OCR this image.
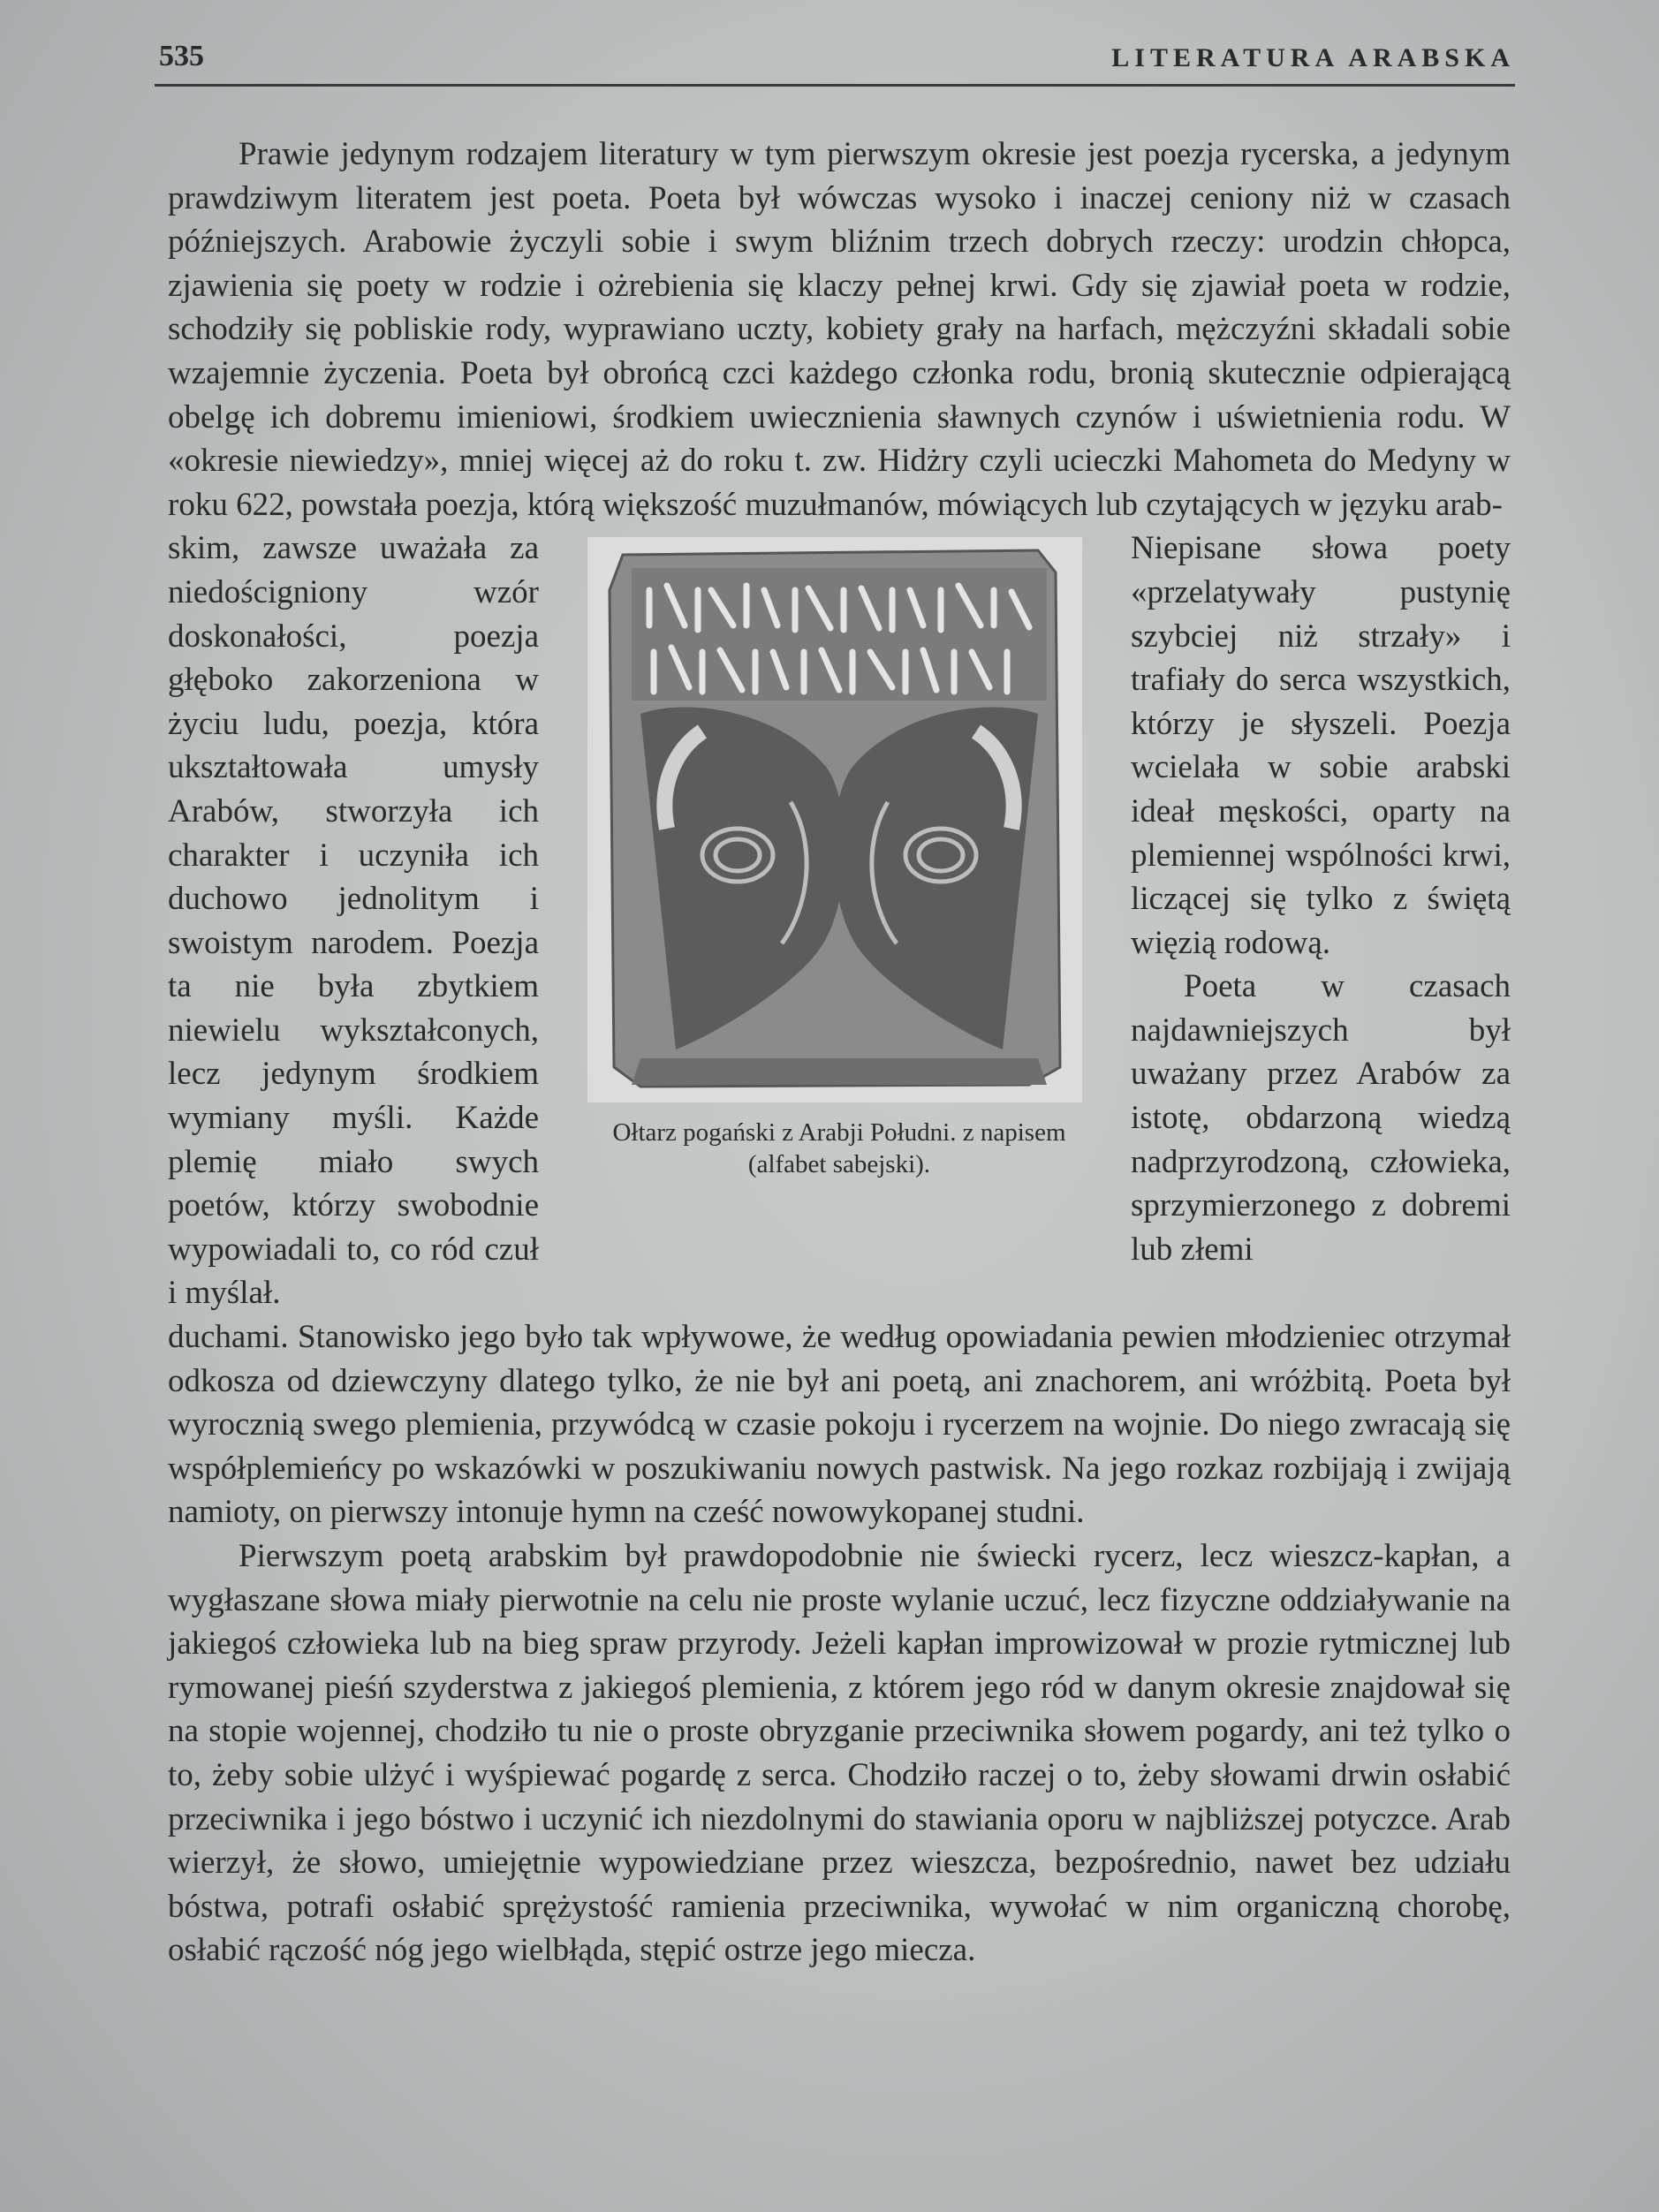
535	LITERATURA ARABSKA

Prawie jedynym rodzajem literatury w tym pierwszym okresie jest poezja rycerska, a jedynym prawdziwym literatem jest poeta. Poeta był wówczas wysoko i inaczej ceniony niż w czasach późniejszych. Arabowie życzyli sobie i swym bliźnim trzech dobrych rzeczy: urodzin chłopca, zjawienia się poety w rodzie i ożrebienia się klaczy pełnej krwi. Gdy się zjawiał poeta w rodzie, schodziły się pobliskie rody, wyprawiano uczty, kobiety grały na harfach, mężczyźni składali sobie wzajemnie życzenia. Poeta był obrońcą czci każdego członka rodu, bronią skutecznie odpierającą obelgę ich dobremu imieniowi, środkiem uwiecznienia sławnych czynów i uświetnienia rodu. W «okresie niewiedzy», mniej więcej aż do roku t. zw. Hidżry czyli ucieczki Mahometa do Medyny w roku 622, powstała poezja, którą większość muzułmanów, mówiących lub czytających w języku arab-

skim, zawsze uważała za niedościgniony wzór doskonałości, poezja głęboko zakorzeniona w życiu ludu, poezja, która ukształtowała umysły Arabów, stworzyła ich charakter i uczyniła ich duchowo jednolitym i swoistym narodem. Poezja ta nie była zbytkiem niewielu wykształconych, lecz jedynym środkiem wymiany myśli. Każde plemię miało swych poetów, którzy swobodnie wypowiadali to, co ród czuł i myślał.
Ołtarz pogański z Arabji Południ. z napisem (alfabet sabejski).

Niepisane słowa poety «przelatywały pustynię szybciej niż strzały» i trafiały do serca wszystkich, którzy je słyszeli. Poezja wcielała w sobie arabski ideał męskości, oparty na plemiennej wspólności krwi, liczącej się tylko z świętą więzią rodową.

Poeta w czasach najdawniejszych był uważany przez Arabów za istotę, obdarzoną wiedzą nadprzyrodzoną, człowieka, sprzymierzonego z dobremi lub złemi

duchami. Stanowisko jego było tak wpływowe, że według opowiadania pewien młodzieniec otrzymał odkosza od dziewczyny dlatego tylko, że nie był ani poetą, ani znachorem, ani wróżbitą. Poeta był wyrocznią swego plemienia, przywódcą w czasie pokoju i rycerzem na wojnie. Do niego zwracają się współplemieńcy po wskazówki w poszukiwaniu nowych pastwisk. Na jego rozkaz rozbijają i zwijają namioty, on pierwszy intonuje hymn na cześć nowowykopanej studni.

Pierwszym poetą arabskim był prawdopodobnie nie świecki rycerz, lecz wieszcz-kapłan, a wygłaszane słowa miały pierwotnie na celu nie proste wylanie uczuć, lecz fizyczne oddziaływanie na jakiegoś człowieka lub na bieg spraw przyrody. Jeżeli kapłan improwizował w prozie rytmicznej lub rymowanej pieśń szyderstwa z jakiegoś plemienia, z którem jego ród w danym okresie znajdował się na stopie wojennej, chodziło tu nie o proste obryzganie przeciwnika słowem pogardy, ani też tylko o to, żeby sobie ulżyć i wyśpiewać pogardę z serca. Chodziło raczej o to, żeby słowami drwin osłabić przeciwnika i jego bóstwo i uczynić ich niezdolnymi do stawiania oporu w najbliższej potyczce. Arab wierzył, że słowo, umiejętnie wypowiedziane przez wieszcza, bezpośrednio, nawet bez udziału bóstwa, potrafi osłabić sprężystość ramienia przeciwnika, wywołać w nim organiczną chorobę, osłabić rączość nóg jego wielbłąda, stępić ostrze jego miecza.
